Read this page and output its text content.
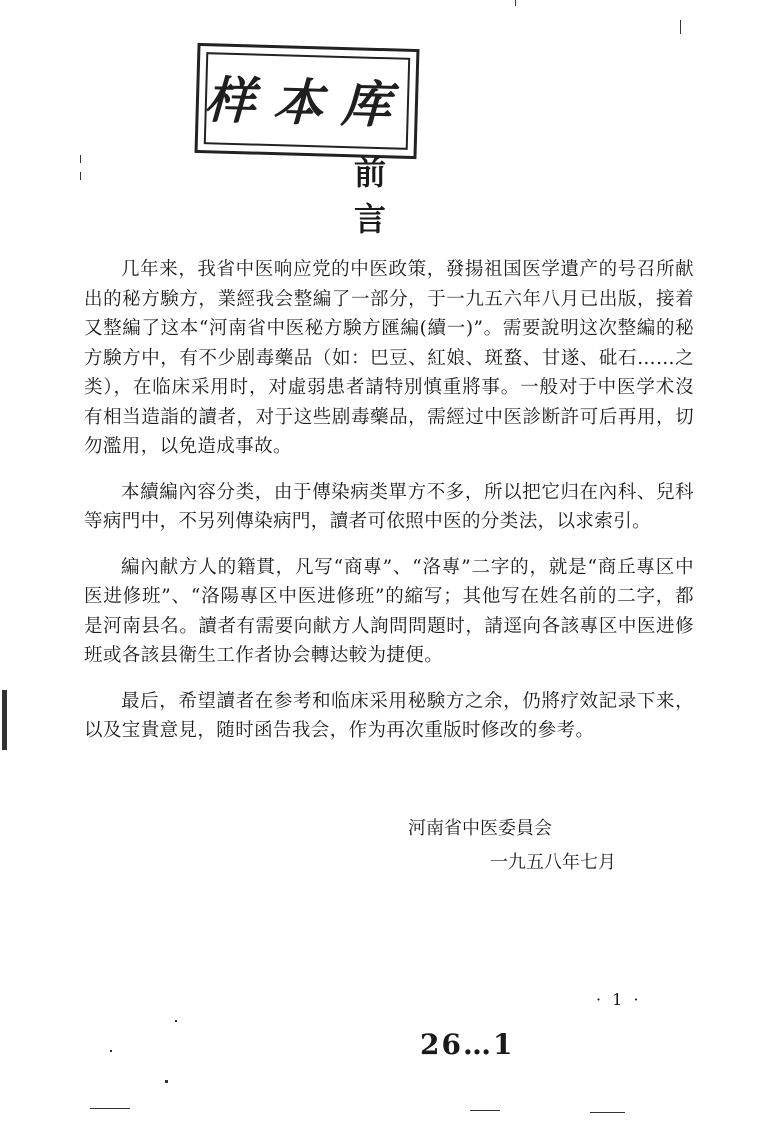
样本库
前言

几年来，我省中医响应党的中医政策，發揚祖国医学遺产的号召所献出的秘方験方，業經我会整編了一部分，于一九五六年八月已出版，接着又整編了这本“河南省中医秘方験方匯編(續一)”。需要說明这次整編的秘方験方中，有不少剧毒藥品（如：巴豆、紅娘、斑蝥、甘遂、砒石……之类），在临床采用时，对虛弱患者請特別慎重將事。一般对于中医学术沒有相当造詣的讀者，对于这些剧毒藥品，需經过中医診断許可后再用，切勿濫用，以免造成事故。

本續編內容分类，由于傳染病类單方不多，所以把它归在內科、兒科等病門中，不另列傳染病門，讀者可依照中医的分类法，以求索引。

編內献方人的籍貫，凡写“商專”、“洛專”二字的，就是“商丘專区中医进修班”、“洛陽專区中医进修班”的縮写；其他写在姓名前的二字，都是河南县名。讀者有需要向献方人詢問問題时，請逕向各該專区中医进修班或各該县衛生工作者协会轉达較为捷便。

最后，希望讀者在参考和临床采用秘験方之余，仍將疗效記录下来，以及宝貴意見，随时函告我会，作为再次重版时修改的參考。

河南省中医委員会
一九五八年七月
· 1 ·
26…1
